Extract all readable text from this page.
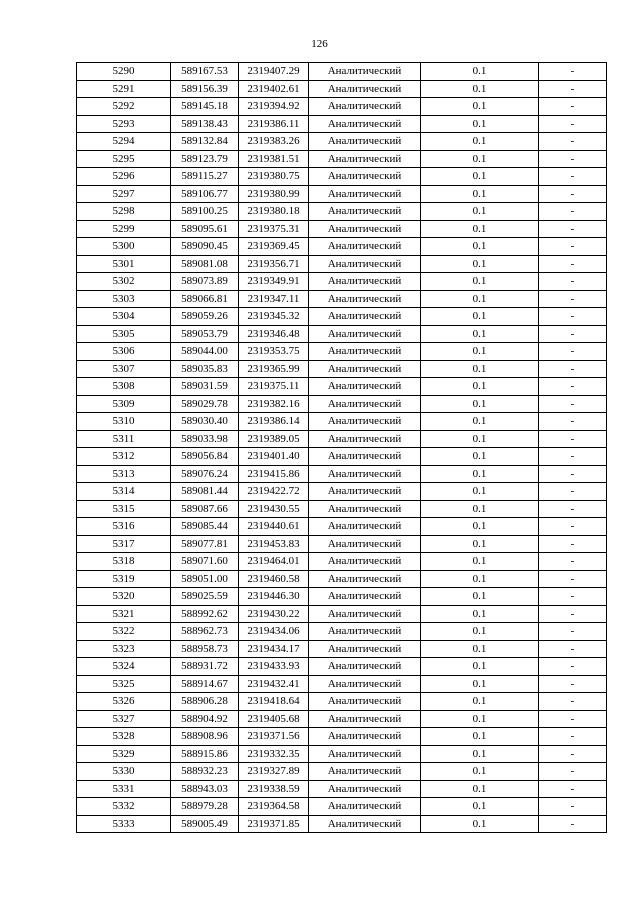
126
5290	589167.53	2319407.29	Аналитический	0.1	-
5291	589156.39	2319402.61	Аналитический	0.1	-
5292	589145.18	2319394.92	Аналитический	0.1	-
5293	589138.43	2319386.11	Аналитический	0.1	-
5294	589132.84	2319383.26	Аналитический	0.1	-
5295	589123.79	2319381.51	Аналитический	0.1	-
5296	589115.27	2319380.75	Аналитический	0.1	-
5297	589106.77	2319380.99	Аналитический	0.1	-
5298	589100.25	2319380.18	Аналитический	0.1	-
5299	589095.61	2319375.31	Аналитический	0.1	-
5300	589090.45	2319369.45	Аналитический	0.1	-
5301	589081.08	2319356.71	Аналитический	0.1	-
5302	589073.89	2319349.91	Аналитический	0.1	-
5303	589066.81	2319347.11	Аналитический	0.1	-
5304	589059.26	2319345.32	Аналитический	0.1	-
5305	589053.79	2319346.48	Аналитический	0.1	-
5306	589044.00	2319353.75	Аналитический	0.1	-
5307	589035.83	2319365.99	Аналитический	0.1	-
5308	589031.59	2319375.11	Аналитический	0.1	-
5309	589029.78	2319382.16	Аналитический	0.1	-
5310	589030.40	2319386.14	Аналитический	0.1	-
5311	589033.98	2319389.05	Аналитический	0.1	-
5312	589056.84	2319401.40	Аналитический	0.1	-
5313	589076.24	2319415.86	Аналитический	0.1	-
5314	589081.44	2319422.72	Аналитический	0.1	-
5315	589087.66	2319430.55	Аналитический	0.1	-
5316	589085.44	2319440.61	Аналитический	0.1	-
5317	589077.81	2319453.83	Аналитический	0.1	-
5318	589071.60	2319464.01	Аналитический	0.1	-
5319	589051.00	2319460.58	Аналитический	0.1	-
5320	589025.59	2319446.30	Аналитический	0.1	-
5321	588992.62	2319430.22	Аналитический	0.1	-
5322	588962.73	2319434.06	Аналитический	0.1	-
5323	588958.73	2319434.17	Аналитический	0.1	-
5324	588931.72	2319433.93	Аналитический	0.1	-
5325	588914.67	2319432.41	Аналитический	0.1	-
5326	588906.28	2319418.64	Аналитический	0.1	-
5327	588904.92	2319405.68	Аналитический	0.1	-
5328	588908.96	2319371.56	Аналитический	0.1	-
5329	588915.86	2319332.35	Аналитический	0.1	-
5330	588932.23	2319327.89	Аналитический	0.1	-
5331	588943.03	2319338.59	Аналитический	0.1	-
5332	588979.28	2319364.58	Аналитический	0.1	-
5333	589005.49	2319371.85	Аналитический	0.1	-
